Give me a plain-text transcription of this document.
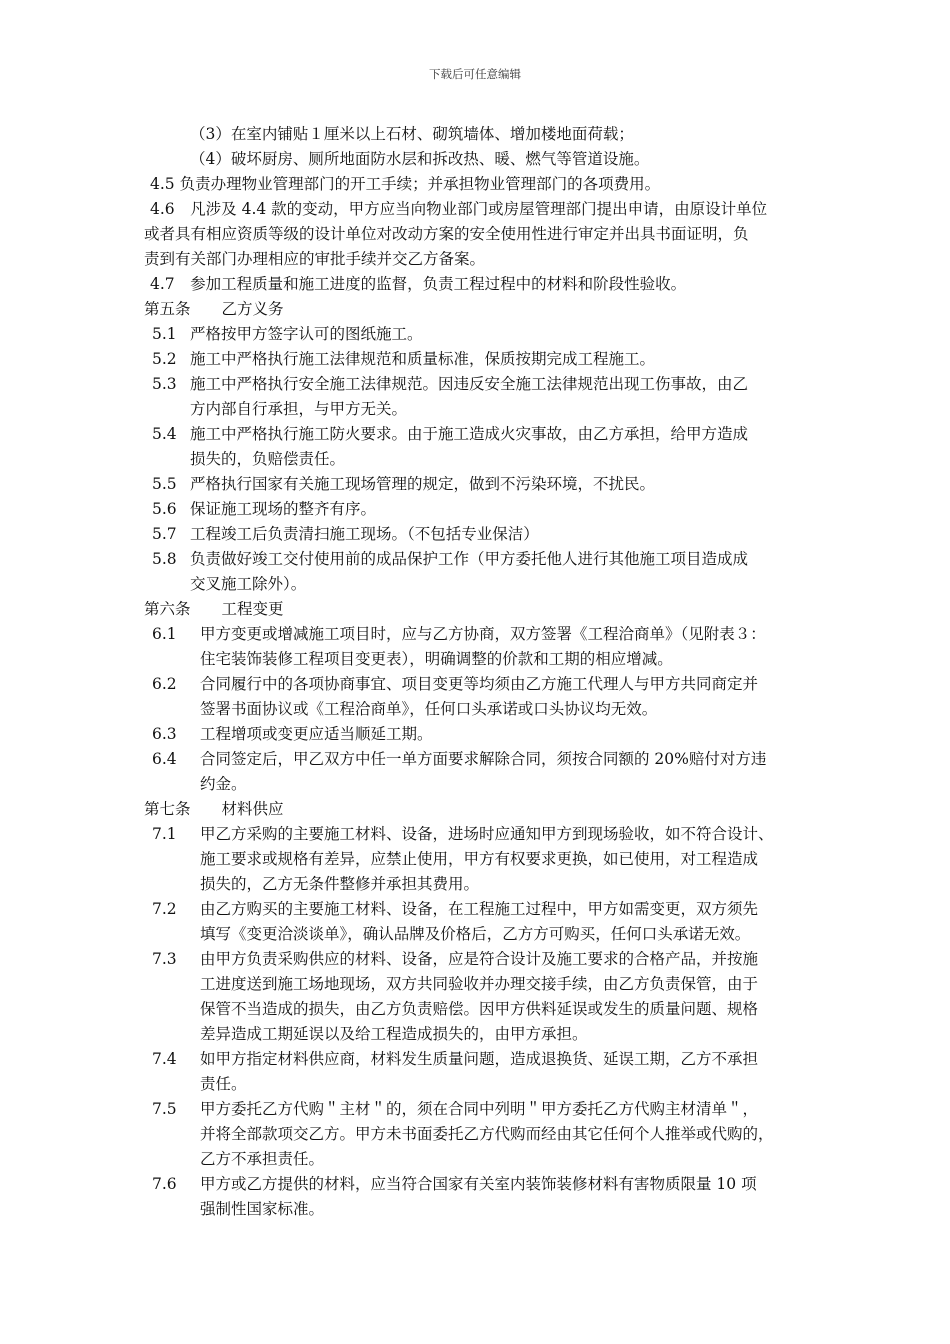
下载后可任意编辑
（3）在室内铺贴１厘米以上石材、砌筑墙体、增加楼地面荷载；
（4）破坏厨房、厕所地面防水层和拆改热、暖、燃气等管道设施。
4.5 负责办理物业管理部门的开工手续；并承担物业管理部门的各项费用。
4.6　凡涉及 4.4 款的变动，甲方应当向物业部门或房屋管理部门提出申请，由原设计单位
或者具有相应资质等级的设计单位对改动方案的安全使用性进行审定并出具书面证明，负
责到有关部门办理相应的审批手续并交乙方备案。
4.7　参加工程质量和施工进度的监督，负责工程过程中的材料和阶段性验收。
第五条　　乙方义务
5.1 严格按甲方签字认可的图纸施工。
5.2 施工中严格执行施工法律规范和质量标准，保质按期完成工程施工。
5.3 施工中严格执行安全施工法律规范。因违反安全施工法律规范出现工伤事故，由乙
方内部自行承担，与甲方无关。
5.4 施工中严格执行施工防火要求。由于施工造成火灾事故，由乙方承担，给甲方造成
损失的，负赔偿责任。
5.5 严格执行国家有关施工现场管理的规定，做到不污染环境，不扰民。
5.6 保证施工现场的整齐有序。
5.7 工程竣工后负责清扫施工现场。（不包括专业保洁）
5.8 负责做好竣工交付使用前的成品保护工作（甲方委托他人进行其他施工项目造成成
交叉施工除外）。
第六条　　工程变更
6.1 甲方变更或增减施工项目时，应与乙方协商，双方签署《工程洽商单》（见附表３：
住宅装饰装修工程项目变更表），明确调整的价款和工期的相应增减。
6.2 合同履行中的各项协商事宜、项目变更等均须由乙方施工代理人与甲方共同商定并
签署书面协议或《工程洽商单》，任何口头承诺或口头协议均无效。
6.3 工程增项或变更应适当顺延工期。
6.4 合同签定后，甲乙双方中任一单方面要求解除合同，须按合同额的 20%赔付对方违
约金。
第七条　　材料供应
7.1 甲乙方采购的主要施工材料、设备，进场时应通知甲方到现场验收，如不符合设计、
施工要求或规格有差异，应禁止使用，甲方有权要求更换，如已使用，对工程造成
损失的，乙方无条件整修并承担其费用。
7.2 由乙方购买的主要施工材料、设备，在工程施工过程中，甲方如需变更，双方须先
填写《变更洽淡谈单》，确认品牌及价格后，乙方方可购买，任何口头承诺无效。
7.3 由甲方负责采购供应的材料、设备，应是符合设计及施工要求的合格产品，并按施
工进度送到施工场地现场，双方共同验收并办理交接手续，由乙方负责保管，由于
保管不当造成的损失，由乙方负责赔偿。因甲方供料延误或发生的质量问题、规格
差异造成工期延误以及给工程造成损失的，由甲方承担。
7.4 如甲方指定材料供应商，材料发生质量问题，造成退换货、延误工期，乙方不承担
责任。
7.5 甲方委托乙方代购＂主材＂的，须在合同中列明＂甲方委托乙方代购主材清单＂，
并将全部款项交乙方。甲方未书面委托乙方代购而经由其它任何个人推举或代购的，
乙方不承担责任。
7.6 甲方或乙方提供的材料，应当符合国家有关室内装饰装修材料有害物质限量 10 项
强制性国家标准。
